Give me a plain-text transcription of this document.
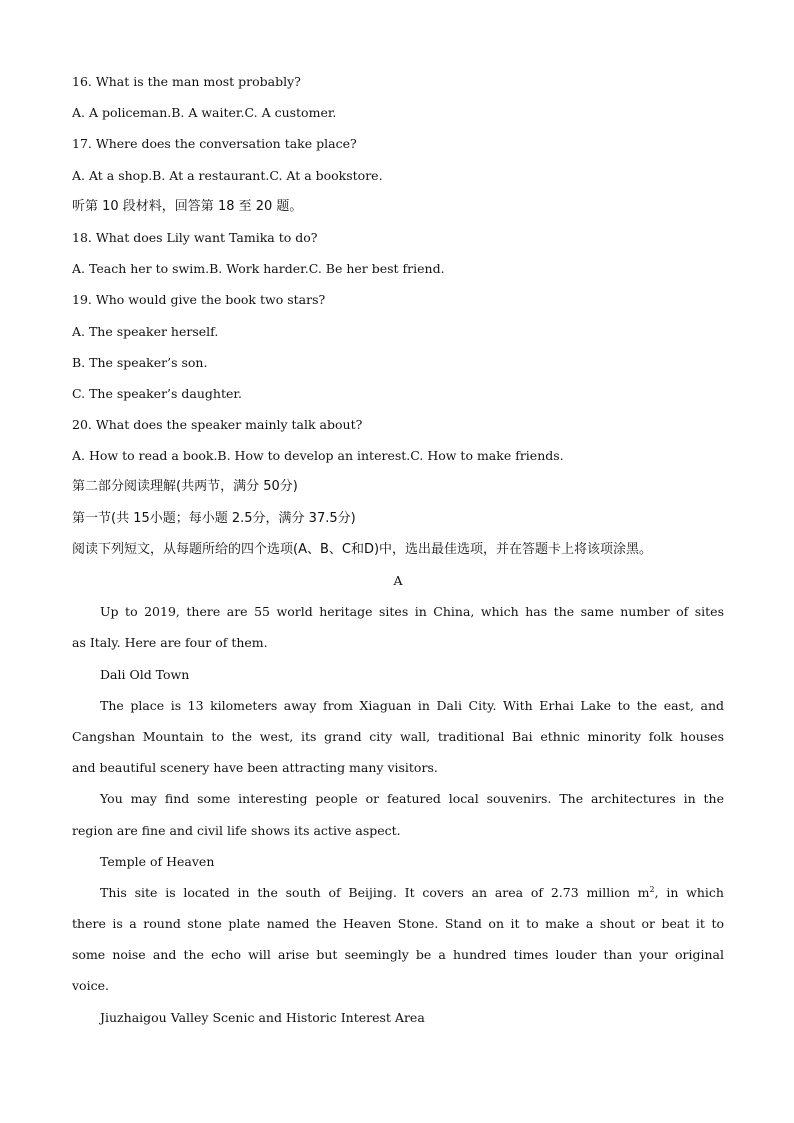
16. What is the man most probably?
A. A policeman.B. A waiter.C. A customer.
17. Where does the conversation take place?
A. At a shop.B. At a restaurant.C. At a bookstore.
听第 10 段材料，回答第 18 至 20 题。
18. What does Lily want Tamika to do?
A. Teach her to swim.B. Work harder.C. Be her best friend.
19. Who would give the book two stars?
A. The speaker herself.
B. The speaker’s son.
C. The speaker’s daughter.
20. What does the speaker mainly talk about?
A. How to read a book.B. How to develop an interest.C. How to make friends.
第二部分阅读理解(共两节，满分 50分)
第一节(共 15小题；每小题 2.5分，满分 37.5分)
阅读下列短文，从每题所给的四个选项(A、B、C和D)中，选出最佳选项，并在答题卡上将该项涂黑。
A
Up to 2019, there are 55 world heritage sites in China, which has the same number of sites
as Italy. Here are four of them.
Dali Old Town
The place is 13 kilometers away from Xiaguan in Dali City. With Erhai Lake to the east, and
Cangshan Mountain to the west, its grand city wall, traditional Bai ethnic minority folk houses
and beautiful scenery have been attracting many visitors.
You may find some interesting people or featured local souvenirs. The architectures in the
region are fine and civil life shows its active aspect.
Temple of Heaven
This site is located in the south of Beijing. It covers an area of 2.73 million $m^2$, in which
there is a round stone plate named the Heaven Stone. Stand on it to make a shout or beat it to
some noise and the echo will arise but seemingly be a hundred times louder than your original
voice.
Jiuzhaigou Valley Scenic and Historic Interest Area
